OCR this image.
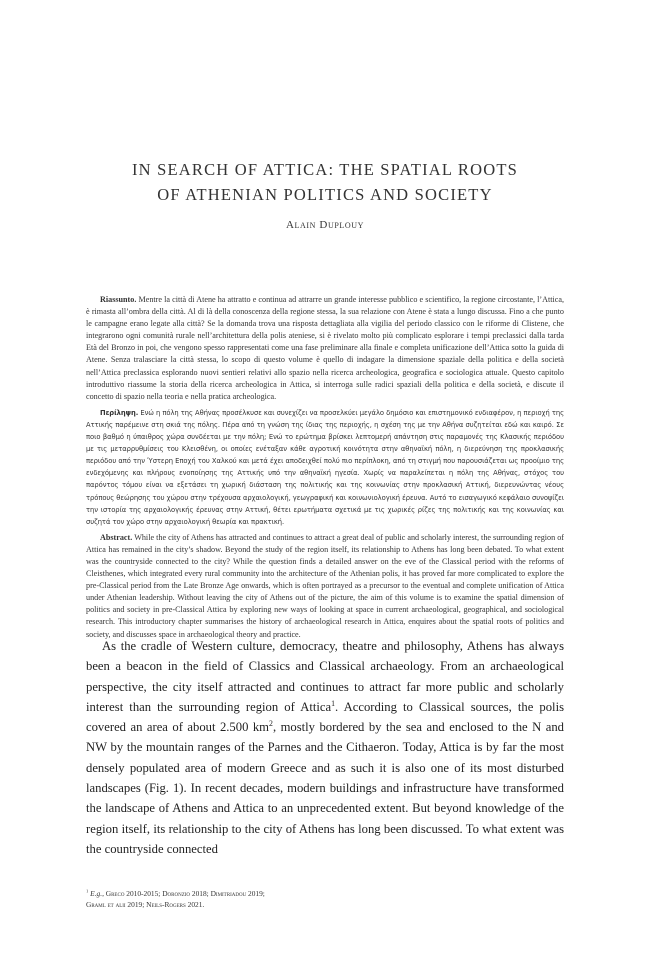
IN SEARCH OF ATTICA: THE SPATIAL ROOTS
OF ATHENIAN POLITICS AND SOCIETY
Alain Duplouy

Riassunto. Mentre la città di Atene ha attratto e continua ad attrarre un grande interesse pubblico e scientifico, la regione circostante, l’Attica, è rimasta all’ombra della città. Al di là della conoscenza della regione stessa, la sua relazione con Atene è stata a lungo discussa. Fino a che punto le campagne erano legate alla città? Se la domanda trova una risposta dettagliata alla vigilia del periodo classico con le riforme di Clistene, che integrarono ogni comunità rurale nell’architettura della polis ateniese, si è rivelato molto più complicato esplorare i tempi preclassici dalla tarda Età del Bronzo in poi, che vengono spesso rappresentati come una fase preliminare alla finale e completa unificazione dell’Attica sotto la guida di Atene. Senza tralasciare la città stessa, lo scopo di questo volume è quello di indagare la dimensione spaziale della politica e della società nell’Attica preclassica esplorando nuovi sentieri relativi allo spazio nella ricerca archeologica, geografica e sociologica attuale. Questo capitolo introduttivo riassume la storia della ricerca archeologica in Attica, si interroga sulle radici spaziali della politica e della società, e discute il concetto di spazio nella teoria e nella pratica archeologica.

Περίληψη. Ενώ η πόλη της Αθήνας προσέλκυσε και συνεχίζει να προσελκύει μεγάλο δημόσιο και επιστημονικό ενδιαφέρον, η περιοχή της Αττικής παρέμεινε στη σκιά της πόλης. Πέρα από τη γνώση της ίδιας της περιοχής, η σχέση της με την Αθήνα συζητείται εδώ και καιρό. Σε ποιο βαθμό η ύπαιθρος χώρα συνδέεται με την πόλη; Ενώ το ερώτημα βρίσκει λεπτομερή απάντηση στις παραμονές της Κλασικής περιόδου με τις μεταρρυθμίσεις του Κλεισθένη, οι οποίες ενέταξαν κάθε αγροτική κοινότητα στην αθηναϊκή πόλη, η διερεύνηση της προκλασικής περιόδου από την Ύστερη Εποχή του Χαλκού και μετά έχει αποδειχθεί πολύ πιο περίπλοκη, από τη στιγμή που παρουσιάζεται ως προοίμιο της ενδεχόμενης και πλήρους ενοποίησης της Αττικής υπό την αθηναϊκή ηγεσία. Χωρίς να παραλείπεται η πόλη της Αθήνας, στόχος του παρόντος τόμου είναι να εξετάσει τη χωρική διάσταση της πολιτικής και της κοινωνίας στην προκλασική Αττική, διερευνώντας νέους τρόπους θεώρησης του χώρου στην τρέχουσα αρχαιολογική, γεωγραφική και κοινωνιολογική έρευνα. Αυτό το εισαγωγικό κεφάλαιο συνοψίζει την ιστορία της αρχαιολογικής έρευνας στην Αττική, θέτει ερωτήματα σχετικά με τις χωρικές ρίζες της πολιτικής και της κοινωνίας και συζητά τον χώρο στην αρχαιολογική θεωρία και πρακτική.

Abstract. While the city of Athens has attracted and continues to attract a great deal of public and scholarly interest, the surrounding region of Attica has remained in the city’s shadow. Beyond the study of the region itself, its relationship to Athens has long been debated. To what extent was the countryside connected to the city? While the question finds a detailed answer on the eve of the Classical period with the reforms of Cleisthenes, which integrated every rural community into the architecture of the Athenian polis, it has proved far more complicated to explore the pre-Classical period from the Late Bronze Age onwards, which is often portrayed as a precursor to the eventual and complete unification of Attica under Athenian leadership. Without leaving the city of Athens out of the picture, the aim of this volume is to examine the spatial dimension of politics and society in pre-Classical Attica by exploring new ways of looking at space in current archaeological, geographical, and sociological research. This introductory chapter summarises the history of archaeological research in Attica, enquires about the spatial roots of politics and society, and discusses space in archaeological theory and practice.

As the cradle of Western culture, democracy, theatre and philosophy, Athens has always been a beacon in the field of Classics and Classical archaeology. From an archaeological perspective, the city itself attracted and continues to attract far more public and scholarly interest than the surrounding region of Attica$^1$. According to Classical sources, the polis covered an area of about 2.500 $km^2$, mostly bordered by the sea and enclosed to the N and NW by the mountain ranges of the Parnes and the Cithaeron. Today, Attica is by far the most densely populated area of modern Greece and as such it is also one of its most disturbed landscapes (Fig. 1). In recent decades, modern buildings and infrastructure have transformed the landscape of Athens and Attica to an unprecedented extent. But beyond knowledge of the region itself, its relationship to the city of Athens has long been discussed. To what extent was the countryside connected

$^1$ E.g., Greco 2010-2015; Doronzio 2018; Dimitriadou 2019;
Graml et alii 2019; Neils-Rogers 2021.
